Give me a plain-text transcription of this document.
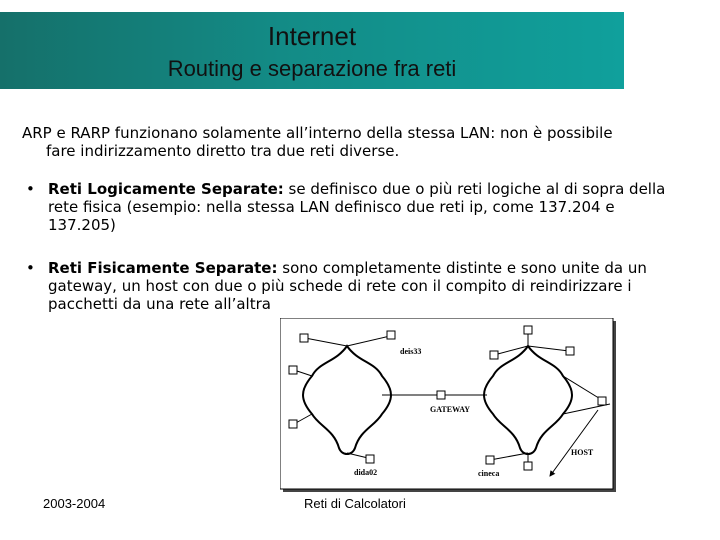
Internet
Routing e separazione fra reti
ARP e RARP funzionano solamente all’interno della stessa LAN: non è possibile
fare indirizzamento diretto tra due reti diverse.
• Reti Logicamente Separate: se definisco due o più reti logiche al di sopra della rete fisica (esempio: nella stessa LAN definisco due reti ip, come 137.204 e 137.205)
• Reti Fisicamente Separate: sono completamente distinte e sono unite da un gateway, un host con due o più schede di rete con il compito di reindirizzare i pacchetti da una rete all’altra
deis33
GATEWAY
HOST
dida02	cineca
2003-2004	Reti di Calcolatori
